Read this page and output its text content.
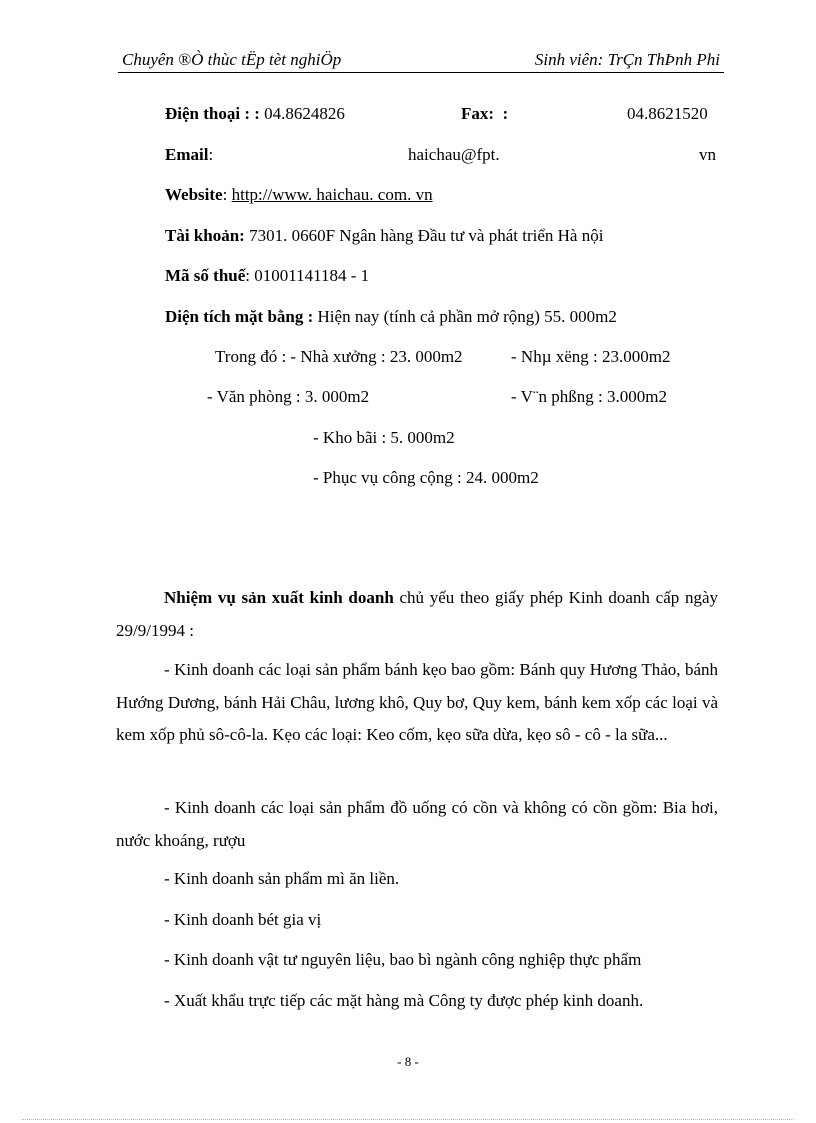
Chuyên ®Ò thùc tËp tèt nghiÖp	Sinh viên: TrÇn ThÞnh Phi
Điện thoại : : 04.8624826	Fax: :	04.8621520
Email:	haichau@fpt.	vn
Website: http://www. haichau. com. vn
Tài khoản: 7301. 0660F Ngân hàng Đầu tư và phát triển Hà nội
Mã số thuế: 01001141184 - 1
Diện tích mặt bằng : Hiện nay (tính cả phần mở rộng) 55. 000m2
Trong đó : - Nhà xưởng : 23. 000m2	- Nhµ xëng : 23.000m2
- Văn phòng : 3. 000m2	- V¨n phßng : 3.000m2
- Kho bãi : 5. 000m2
- Phục vụ công cộng : 24. 000m2
Nhiệm vụ sản xuất kinh doanh chủ yếu theo giấy phép Kinh doanh cấp ngày 29/9/1994 :
- Kinh doanh các loại sản phẩm bánh kẹo bao gồm: Bánh quy Hương Thảo, bánh Hướng Dương, bánh Hải Châu, lương khô, Quy bơ, Quy kem, bánh kem xốp các loại và kem xốp phủ sô-cô-la. Kẹo các loại: Keo cốm, kẹo sữa dừa, kẹo sô - cô - la sữa...
- Kinh doanh các loại sản phẩm đồ uống có cồn và không có cồn gồm: Bia hơi, nước khoáng, rượu
- Kinh doanh sản phẩm mì ăn liền.
- Kinh doanh bét gia vị
- Kinh doanh vật tư nguyên liệu, bao bì ngành công nghiệp thực phẩm
- Xuất khẩu trực tiếp các mặt hàng mà Công ty được phép kinh doanh.
- 8 -
